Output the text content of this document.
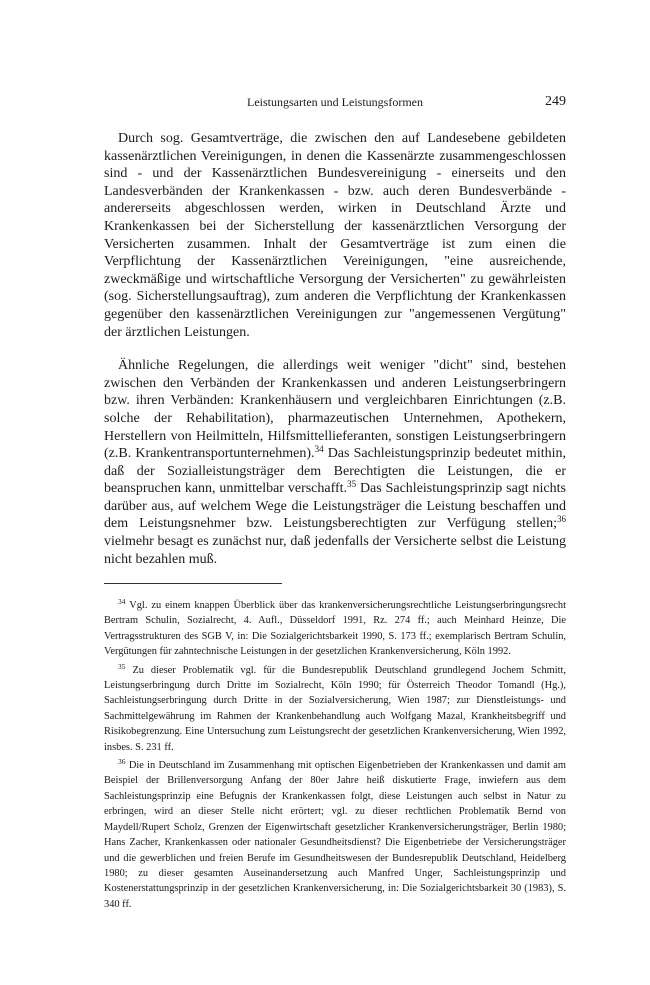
Leistungsarten und Leistungsformen	249

Durch sog. Gesamtverträge, die zwischen den auf Landesebene gebildeten kassenärztlichen Vereinigungen, in denen die Kassenärzte zusammengeschlossen sind - und der Kassenärztlichen Bundesvereinigung - einerseits und den Landesverbänden der Krankenkassen - bzw. auch deren Bundesverbände - andererseits abgeschlossen werden, wirken in Deutschland Ärzte und Krankenkassen bei der Sicherstellung der kassenärztlichen Versorgung der Versicherten zusammen. Inhalt der Gesamtverträge ist zum einen die Verpflichtung der Kassenärztlichen Vereinigungen, "eine ausreichende, zweckmäßige und wirtschaftliche Versorgung der Versicherten" zu gewährleisten (sog. Sicherstellungsauftrag), zum anderen die Verpflichtung der Krankenkassen gegenüber den kassenärztlichen Vereinigungen zur "angemessenen Vergütung" der ärztlichen Leistungen.

Ähnliche Regelungen, die allerdings weit weniger "dicht" sind, bestehen zwischen den Verbänden der Krankenkassen und anderen Leistungserbringern bzw. ihren Verbänden: Krankenhäusern und vergleichbaren Einrichtungen (z.B. solche der Rehabilitation), pharmazeutischen Unternehmen, Apothekern, Herstellern von Heilmitteln, Hilfsmittellieferanten, sonstigen Leistungserbringern (z.B. Krankentransportunternehmen).$^{34}$ Das Sachleistungsprinzip bedeutet mithin, daß der Sozialleistungsträger dem Berechtigten die Leistungen, die er beanspruchen kann, unmittelbar verschafft.$^{35}$ Das Sachleistungsprinzip sagt nichts darüber aus, auf welchem Wege die Leistungsträger die Leistung beschaffen und dem Leistungsnehmer bzw. Leistungsberechtigten zur Verfügung stellen;$^{36}$ vielmehr besagt es zunächst nur, daß jedenfalls der Versicherte selbst die Leistung nicht bezahlen muß.

$^{34}$ Vgl. zu einem knappen Überblick über das krankenversicherungsrechtliche Leistungserbringungsrecht Bertram Schulin, Sozialrecht, 4. Aufl., Düsseldorf 1991, Rz. 274 ff.; auch Meinhard Heinze, Die Vertragsstrukturen des SGB V, in: Die Sozialgerichtsbarkeit 1990, S. 173 ff.; exemplarisch Bertram Schulin, Vergütungen für zahntechnische Leistungen in der gesetzlichen Krankenversicherung, Köln 1992.

$^{35}$ Zu dieser Problematik vgl. für die Bundesrepublik Deutschland grundlegend Jochem Schmitt, Leistungserbringung durch Dritte im Sozialrecht, Köln 1990; für Österreich Theodor Tomandl (Hg.), Sachleistungserbringung durch Dritte in der Sozialversicherung, Wien 1987; zur Dienstleistungs- und Sachmittelgewährung im Rahmen der Krankenbehandlung auch Wolfgang Mazal, Krankheitsbegriff und Risikobegrenzung. Eine Untersuchung zum Leistungsrecht der gesetzlichen Krankenversicherung, Wien 1992, insbes. S. 231 ff.

$^{36}$ Die in Deutschland im Zusammenhang mit optischen Eigenbetrieben der Krankenkassen und damit am Beispiel der Brillenversorgung Anfang der 80er Jahre heiß diskutierte Frage, inwiefern aus dem Sachleistungsprinzip eine Befugnis der Krankenkassen folgt, diese Leistungen auch selbst in Natur zu erbringen, wird an dieser Stelle nicht erörtert; vgl. zu dieser rechtlichen Problematik Bernd von Maydell/Rupert Scholz, Grenzen der Eigenwirtschaft gesetzlicher Krankenversicherungsträger, Berlin 1980; Hans Zacher, Krankenkassen oder nationaler Gesundheitsdienst? Die Eigenbetriebe der Versicherungsträger und die gewerblichen und freien Berufe im Gesundheitswesen der Bundesrepublik Deutschland, Heidelberg 1980; zu dieser gesamten Auseinandersetzung auch Manfred Unger, Sachleistungsprinzip und Kostenerstattungsprinzip in der gesetzlichen Krankenversicherung, in: Die Sozialgerichtsbarkeit 30 (1983), S. 340 ff.
